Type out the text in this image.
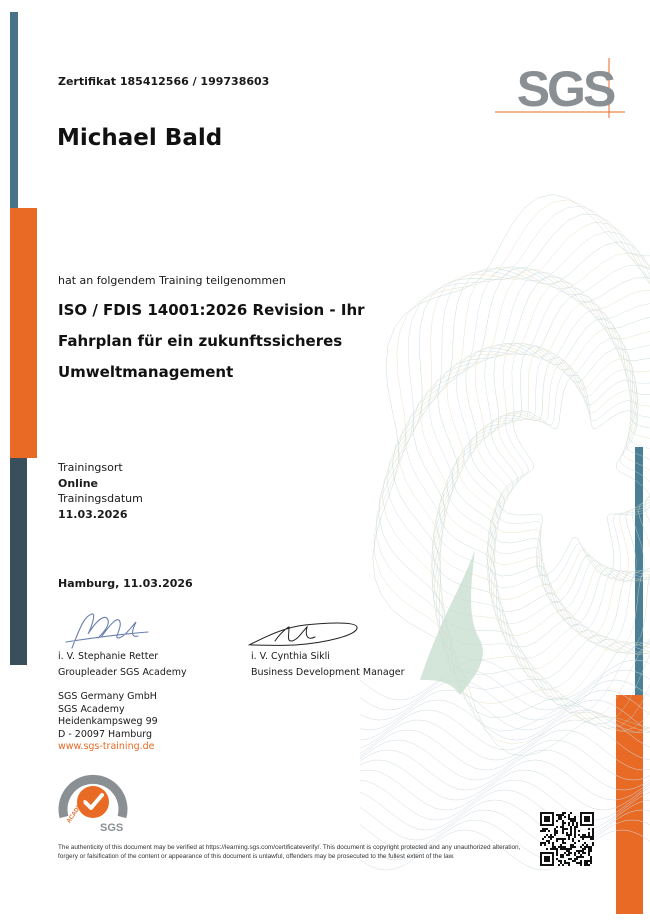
SGS
Zertifikat 185412566 / 199738603
Michael Bald
hat an folgendem Training teilgenommen
ISO / FDIS 14001:2026 Revision - Ihr
Fahrplan für ein zukunftssicheres
Umweltmanagement
Trainingsort
Online
Trainingsdatum
11.03.2026
Hamburg, 11.03.2026
i. V. Stephanie Retter
Groupleader SGS Academy
i. V. Cynthia Sikli
Business Development Manager
SGS Germany GmbH
SGS Academy
Heidenkampsweg 99
D - 20097 Hamburg
www.sgs-training.de
ACADEMY
SGS
The authenticity of this document may be verified at https://learning.sgs.com/certificateverify/. This document is copyright protected and any unauthorized alteration, forgery or falsification of the content or appearance of this document is unlawful, offenders may be prosecuted to the fullest extent of the law.
